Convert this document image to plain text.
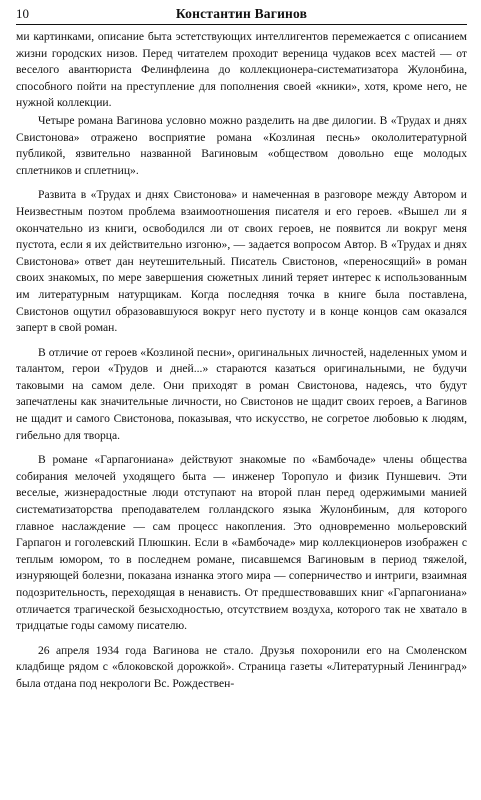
10	Константин Вагинов

ми картинками, описание быта эстетствующих интеллигентов перемежается с описанием жизни городских низов. Перед читателем проходит вереница чудаков всех мастей — от веселого авантюриста Фелинфлеина до коллекционера-систематизатора Жулонбина, способного пойти на преступление для пополнения своей «кники», хотя, кроме него, не нужной коллекции.

Четыре романа Вагинова условно можно разделить на две дилогии. В «Трудах и днях Свистонова» отражено восприятие романа «Козлиная песнь» окололитературной публикой, язвительно названной Вагиновым «обществом довольно еще молодых сплетников и сплетниц».

Развита в «Трудах и днях Свистонова» и намеченная в разговоре между Автором и Неизвестным поэтом проблема взаимоотношения писателя и его героев. «Вышел ли я окончательно из книги, освободился ли от своих героев, не появится ли вокруг меня пустота, если я их действительно изгоню», — задается вопросом Автор. В «Трудах и днях Свистонова» ответ дан неутешительный. Писатель Свистонов, «переносящий» в роман своих знакомых, по мере завершения сюжетных линий теряет интерес к использованным им литературным натурщикам. Когда последняя точка в книге была поставлена, Свистонов ощутил образовавшуюся вокруг него пустоту и в конце концов сам оказался заперт в свой роман.

В отличие от героев «Козлиной песни», оригинальных личностей, наделенных умом и талантом, герои «Трудов и дней...» стараются казаться оригинальными, не будучи таковыми на самом деле. Они приходят в роман Свистонова, надеясь, что будут запечатлены как значительные личности, но Свистонов не щадит своих героев, а Вагинов не щадит и самого Свистонова, показывая, что искусство, не согретое любовью к людям, гибельно для творца.

В романе «Гарпагониана» действуют знакомые по «Бамбочаде» члены общества собирания мелочей уходящего быта — инженер Торопуло и физик Пуншевич. Эти веселые, жизнерадостные люди отступают на второй план перед одержимыми манией систематизаторства преподавателем голландского языка Жулонбиным, для которого главное наслаждение — сам процесс накопления. Это одновременно мольеровский Гарпагон и гоголевский Плюшкин. Если в «Бамбочаде» мир коллекционеров изображен с теплым юмором, то в последнем романе, писавшемся Вагиновым в период тяжелой, изнуряющей болезни, показана изнанка этого мира — соперничество и интриги, взаимная подозрительность, переходящая в ненависть. От предшествовавших книг «Гарпагониана» отличается трагической безысходностью, отсутствием воздуха, которого так не хватало в тридцатые годы самому писателю.

26 апреля 1934 года Вагинова не стало. Друзья похоронили его на Смоленском кладбище рядом с «блоковской дорожкой». Страница газеты «Литературный Ленинград» была отдана под некрологи Вс. Рождествен-
